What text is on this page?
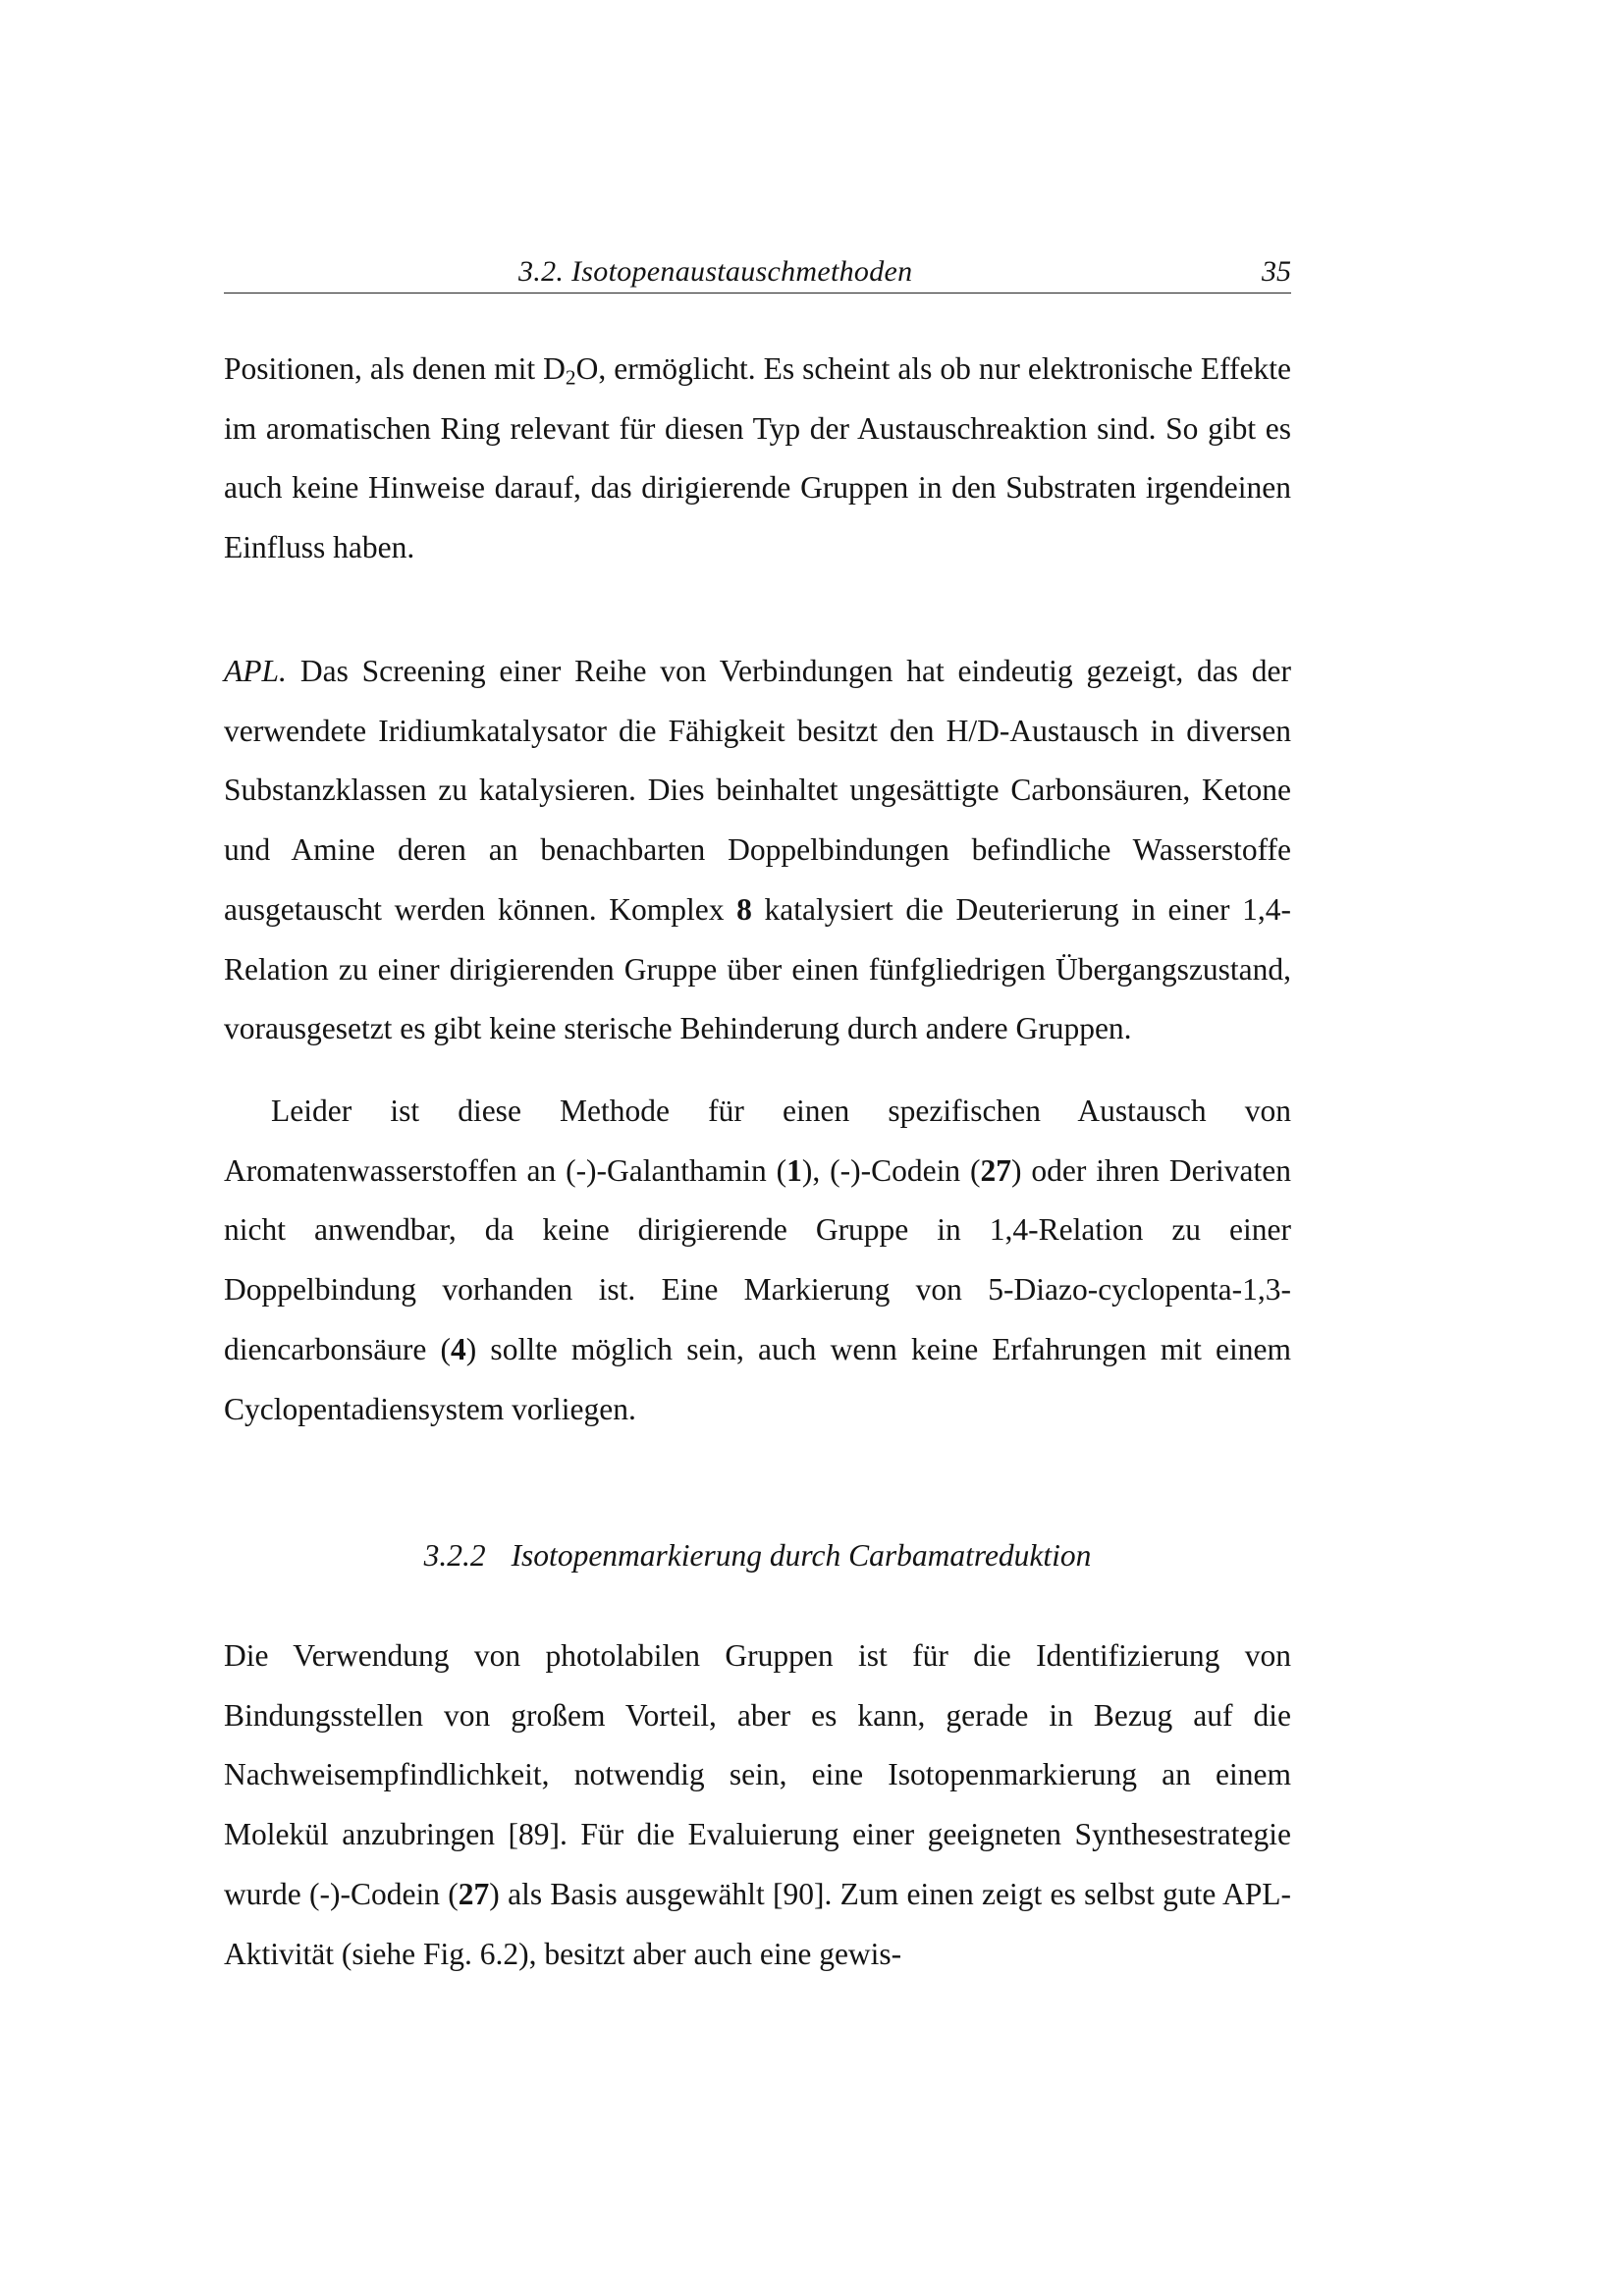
3.2. Isotopenaustauschmethoden	35

Positionen, als denen mit $D_2O$, ermöglicht. Es scheint als ob nur elektronische Effekte im aromatischen Ring relevant für diesen Typ der Austauschreaktion sind. So gibt es auch keine Hinweise darauf, das dirigierende Gruppen in den Substraten irgendeinen Einfluss haben.

APL. Das Screening einer Reihe von Verbindungen hat eindeutig gezeigt, das der verwendete Iridiumkatalysator die Fähigkeit besitzt den H/D-Austausch in diversen Substanzklassen zu katalysieren. Dies beinhaltet ungesättigte Carbonsäuren, Ketone und Amine deren an benachbarten Doppelbindungen befindliche Wasserstoffe ausgetauscht werden können. Komplex 8 katalysiert die Deuterierung in einer 1,4-Relation zu einer dirigierenden Gruppe über einen fünfgliedrigen Übergangszustand, vorausgesetzt es gibt keine sterische Behinderung durch andere Gruppen.

Leider ist diese Methode für einen spezifischen Austausch von Aromatenwasserstoffen an (-)-Galanthamin (1), (-)-Codein (27) oder ihren Derivaten nicht anwendbar, da keine dirigierende Gruppe in 1,4-Relation zu einer Doppelbindung vorhanden ist. Eine Markierung von 5-Diazo-cyclopenta-1,3-diencarbonsäure (4) sollte möglich sein, auch wenn keine Erfahrungen mit einem Cyclopentadiensystem vorliegen.

3.2.2 Isotopenmarkierung durch Carbamatreduktion

Die Verwendung von photolabilen Gruppen ist für die Identifizierung von Bindungsstellen von großem Vorteil, aber es kann, gerade in Bezug auf die Nachweisempfindlichkeit, notwendig sein, eine Isotopenmarkierung an einem Molekül anzubringen [89]. Für die Evaluierung einer geeigneten Synthesestrategie wurde (-)-Codein (27) als Basis ausgewählt [90]. Zum einen zeigt es selbst gute APL-Aktivität (siehe Fig. 6.2), besitzt aber auch eine gewis-
